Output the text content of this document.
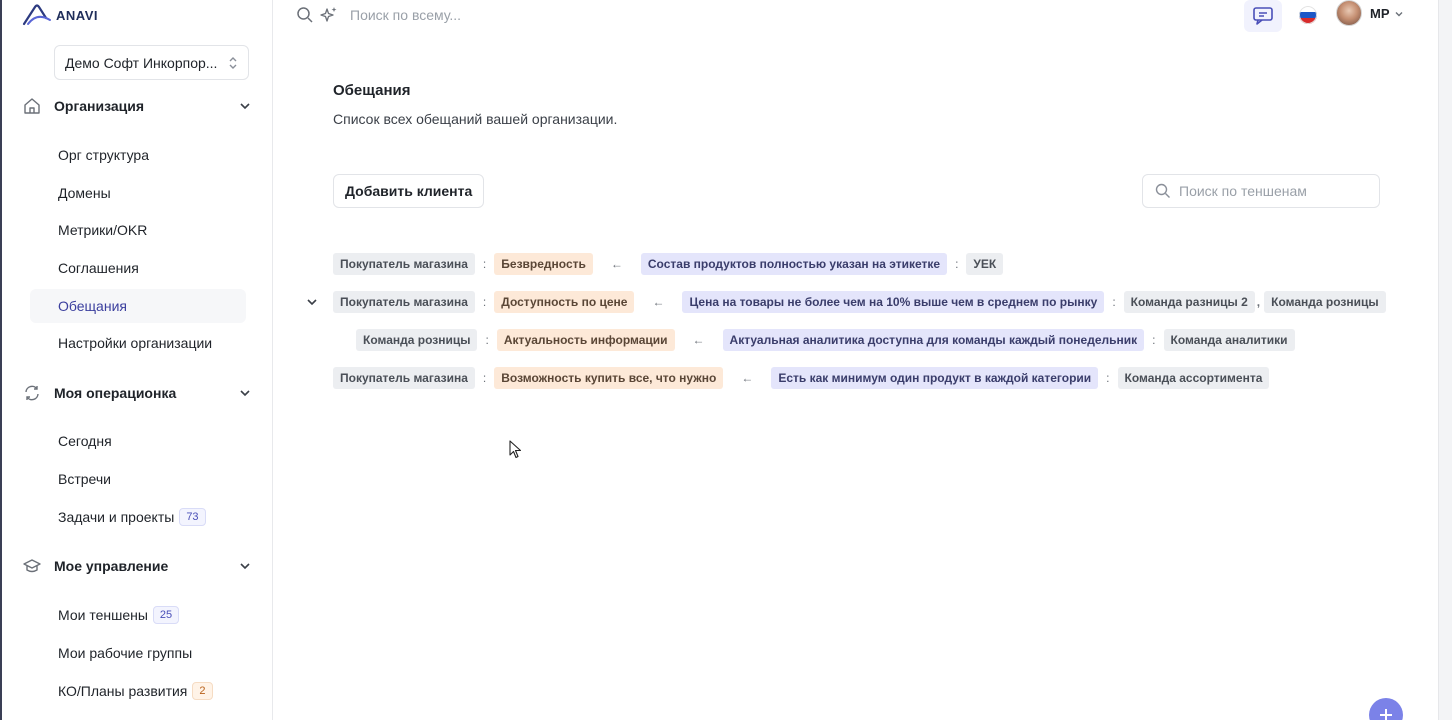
ANAVI
Демо Софт Инкорпор...
Организация
Орг структура
Домены
Метрики/OKR
Соглашения
Обещания
Настройки организации
Моя операционка
Сегодня
Встречи
Задачи и проекты	73
Мое управление
Мои теншены	25
Мои рабочие группы
КО/Планы развития	2
Поиск по всему...	MP
Обещания
Список всех обещаний вашей организации.
Добавить клиента	Поиск по теншенам
Покупатель магазина	:	Безвредность	←	Состав продуктов полностью указан на этикетке	:	УЕК
Покупатель магазина	:	Доступность по цене	←	Цена на товары не более чем на 10% выше чем в среднем по рынку	:	Команда разницы 2 , Команда розницы
Команда розницы	:	Актуальность информации	←	Актуальная аналитика доступна для команды каждый понедельник	:	Команда аналитики
Покупатель магазина	:	Возможность купить все, что нужно	←	Есть как минимум один продукт в каждой категории	:	Команда ассортимента
